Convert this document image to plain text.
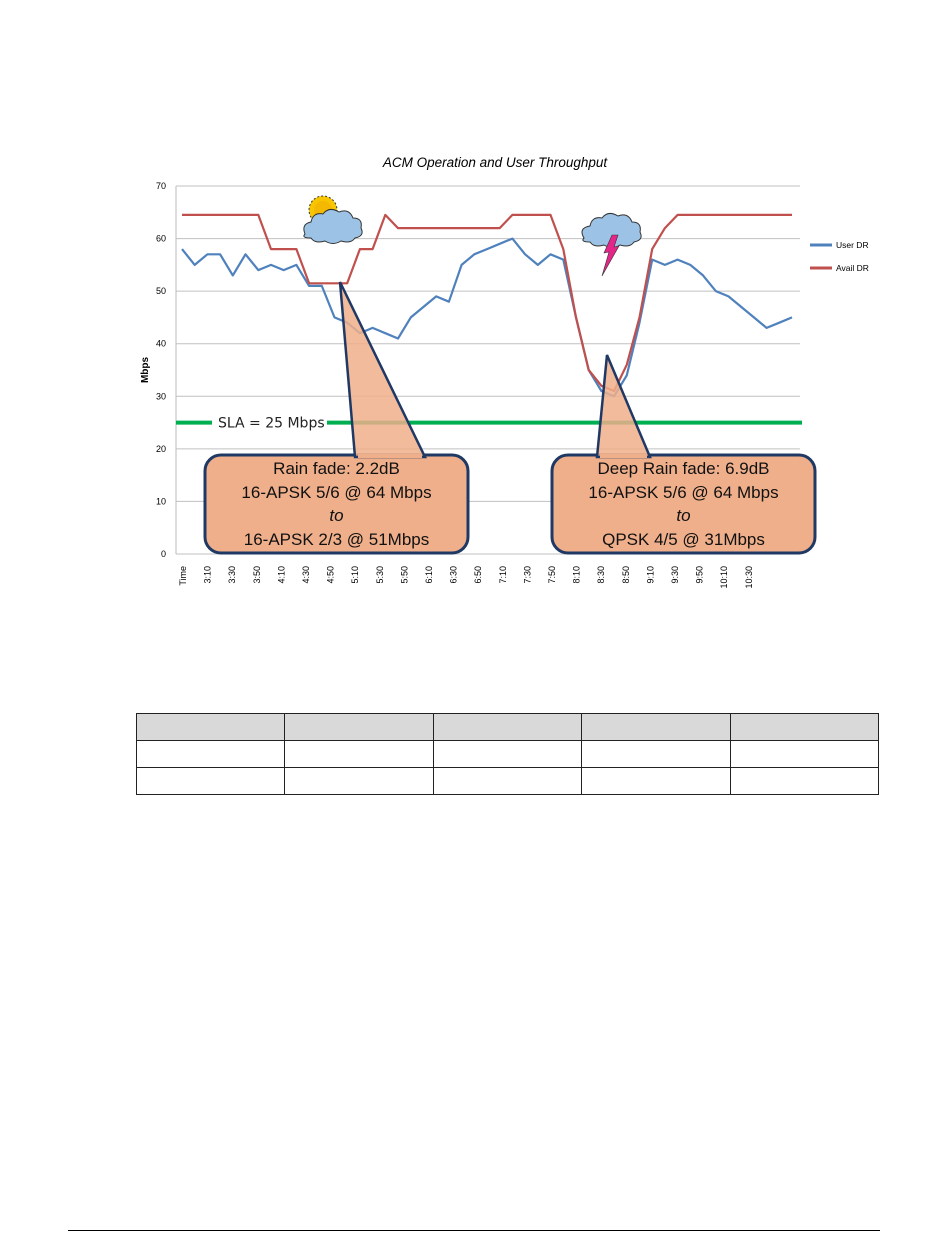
ACM Operation and User Throughput
0
10
20
30
40
50
60
70
Time 3:10 3:30 3:50 4:10 4:30 4:50 5:10 5:30 5:50 6:10 6:30 6:50 7:10 7:30 7:50 8:10 8:30 8:50 9:10 9:30 9:50 10:10 10:30
Mbps
SLA = 25 Mbps
User DR
Avail DR
Rain fade: 2.2dB
16-APSK 5/6 @ 64 Mbps
to
16-APSK 2/3 @ 51Mbps
Deep Rain fade: 6.9dB
16-APSK 5/6 @ 64 Mbps
to
QPSK 4/5 @ 31Mbps
